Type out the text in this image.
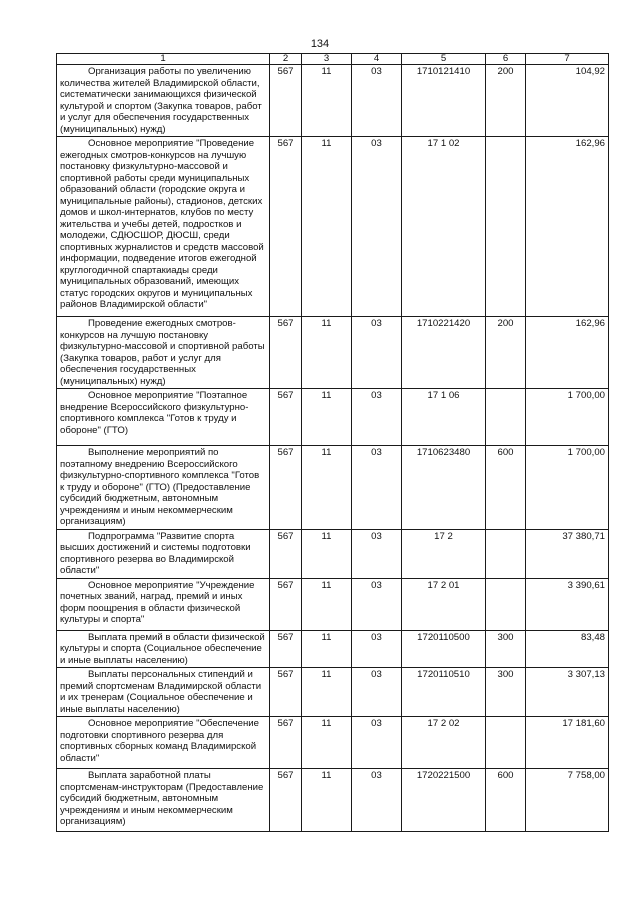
134
1	2	3	4	5	6	7
Организация работы по увеличению количества жителей Владимирской области, систематически занимающихся физической культурой и спортом (Закупка товаров, работ и услуг для обеспечения государственных (муниципальных) нужд)	567	11	03	1710121410	200	104,92
Основное мероприятие "Проведение ежегодных смотров-конкурсов на лучшую постановку физкультурно-массовой и спортивной работы среди муниципальных образований области (городские округа и муниципальные районы), стадионов, детских домов и школ-интернатов, клубов по месту жительства и учебы детей, подростков и молодежи, СДЮСШОР, ДЮСШ, среди спортивных журналистов и средств массовой информации, подведение итогов ежегодной круглогодичной спартакиады среди муниципальных образований, имеющих статус городских округов и муниципальных районов Владимирской области"	567	11	03	17 1 02		162,96
Проведение ежегодных смотров-конкурсов на лучшую постановку физкультурно-массовой и спортивной работы (Закупка товаров, работ и услуг для обеспечения государственных (муниципальных) нужд)	567	11	03	1710221420	200	162,96
Основное мероприятие "Поэтапное внедрение Всероссийского физкультурно-спортивного комплекса "Готов к труду и обороне" (ГТО)	567	11	03	17 1 06		1 700,00
Выполнение мероприятий по поэтапному внедрению Всероссийского физкультурно-спортивного комплекса "Готов к труду и обороне" (ГТО) (Предоставление субсидий бюджетным, автономным учреждениям и иным некоммерческим организациям)	567	11	03	1710623480	600	1 700,00
Подпрограмма "Развитие спорта высших достижений и системы подготовки спортивного резерва во Владимирской области"	567	11	03	17 2		37 380,71
Основное мероприятие "Учреждение почетных званий, наград, премий и иных форм поощрения в области физической культуры и спорта"	567	11	03	17 2 01		3 390,61
Выплата премий в области физической культуры и спорта (Социальное обеспечение и иные выплаты населению)	567	11	03	1720110500	300	83,48
Выплаты персональных стипендий и премий спортсменам Владимирской области и их тренерам (Социальное обеспечение и иные выплаты населению)	567	11	03	1720110510	300	3 307,13
Основное мероприятие "Обеспечение подготовки спортивного резерва для спортивных сборных команд Владимирской области"	567	11	03	17 2 02		17 181,60
Выплата заработной платы спортсменам-инструкторам (Предоставление субсидий бюджетным, автономным учреждениям и иным некоммерческим организациям)	567	11	03	1720221500	600	7 758,00
